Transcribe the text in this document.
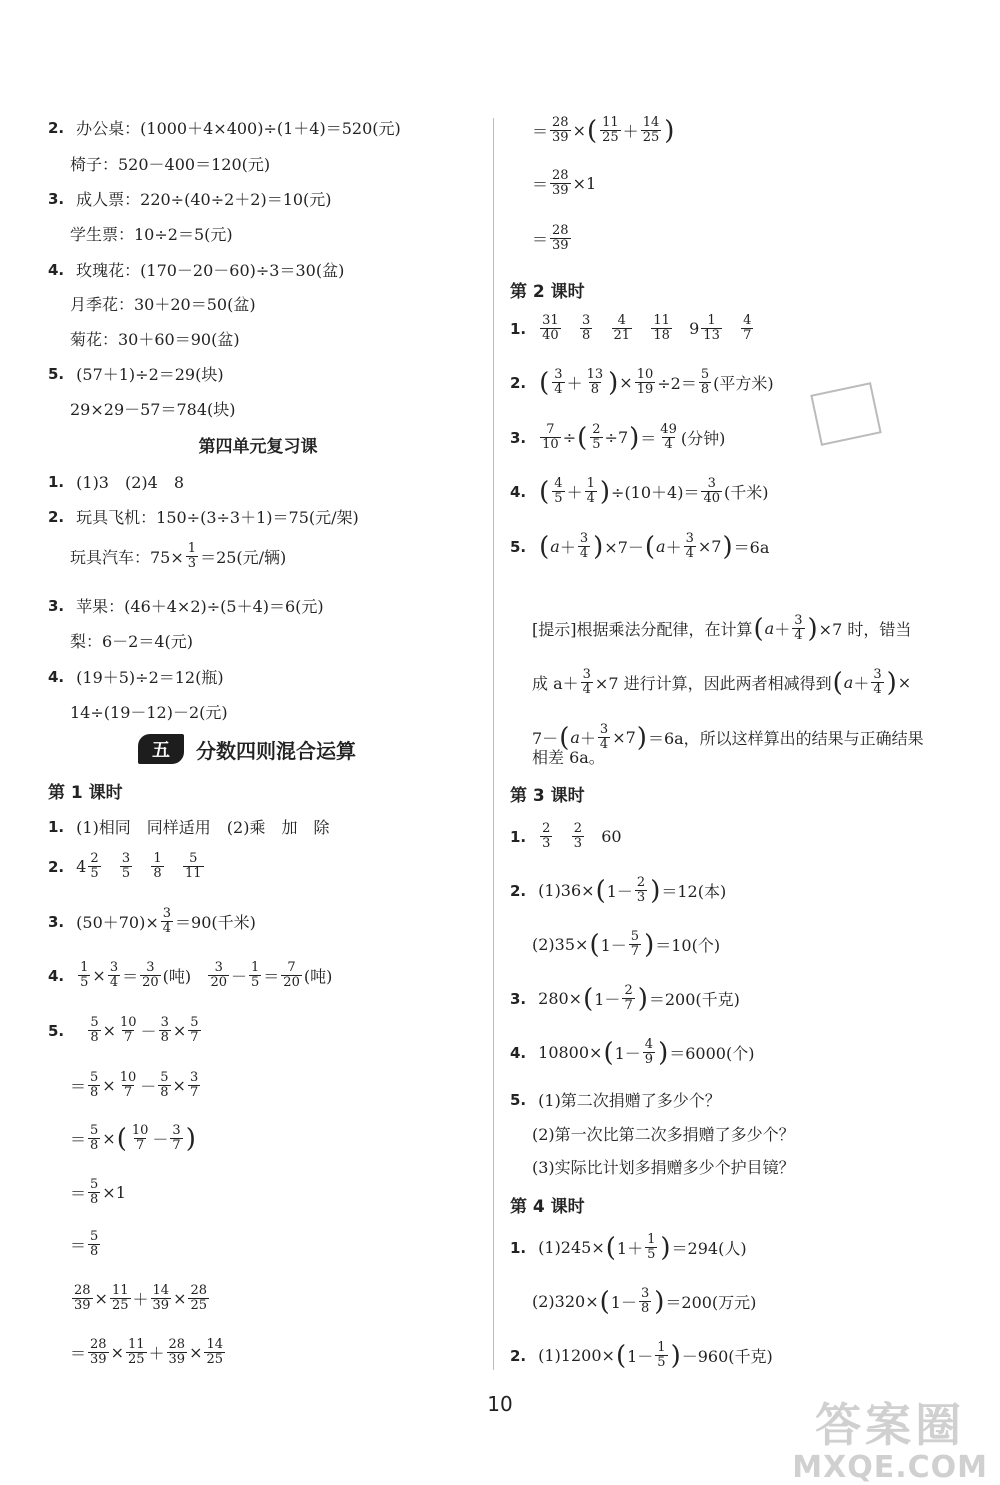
2. 办公桌：(1000＋4×400)÷(1＋4)＝520(元)
椅子：520－400＝120(元)
3. 成人票：220÷(40÷2＋2)＝10(元)
学生票：10÷2＝5(元)
4. 玫瑰花：(170－20－60)÷3＝30(盆)
月季花：30＋20＝50(盆)
菊花：30＋60＝90(盆)
5. (57＋1)÷2＝29(块)
29×29－57＝784(块)
第四单元复习课
1. (1)3　(2)4　8
2. 玩具飞机：150÷(3÷3＋1)＝75(元/架)
玩具汽车：$75\times \frac{1}{3} =25$(元/辆)
3. 苹果：(46＋4×2)÷(5＋4)＝6(元)
梨：6－2＝4(元)
4. (19＋5)÷2＝12(瓶)
14÷(19－12)－2(元)
五	分数四则混合运算
第 1 课时
1. (1)相同　同样适用　(2)乘　加　除
2. 4 2
5

3
5

1
8

5
11
3. $(50+70)\times \frac{3}{4} =90$(千米)
4. 1
5 × 3
4 ＝ 3
20 (吨)
3
20 － 1
5 ＝ 7
20 (吨)
5.
5
8 × 10
7 － 3
8 × 5
7
＝ 5
8 × 10
7 － 5
8 × 3
7
＝ 5
8 × ( 10
7 － 3
7 )
＝ 5
8 ×1
＝ 5
8
28
39 × 11
25 ＋ 14
39 × 28
25
＝ 28
39 × 11
25 ＋ 28
39 × 14
25
＝ 28
39 × ( 11
25 ＋ 14
25 )
＝ 28
39 ×1
＝ 28
39
第 2 课时
1. 31
40

3
8

4
21

11
18 9 1
13

4
7
2. ( 3
4 ＋ 13
8 ) × 10
19 ÷2＝ 5
8 (平方米)
3. 7
10 ÷ ( 2
5 ÷7 ) ＝ 49
4 (分钟)
4. ( 4
5 ＋ 1
4 ) ÷(10＋4)＝ 3
40 (千米)
5. ( a ＋ 3
4 ) ×7－ ( a ＋ 3
4 ×7 ) ＝6a
[提示]根据乘法分配律，在计算 ( a ＋ 3
4 ) ×7 时，错当
成 $a+ \frac{3}{4} \times 7$ 进行计算，因此两者相减得到 ( a ＋ 3
4 ) ×
7－ ( a ＋ 3
4 ×7 ) ＝6a，所以这样算出的结果与正确结果
相差 6a。
第 3 课时
1. 2
3

2
3
60
2. (1)36× ( 1－ 2
3 ) ＝12(本)
(2)35× ( 1－ 5
7 ) ＝10(个)
3. 280× ( 1－ 2
7 ) ＝200(千克)
4. 10800× ( 1－ 4
9 ) ＝6000(个)
5. (1)第二次捐赠了多少个？
(2)第一次比第二次多捐赠了多少个？
(3)实际比计划多捐赠多少个护目镜？
第 4 课时
1. (1)245× ( 1＋ 1
5 ) ＝294(人)
(2)320× ( 1－ 3
8 ) ＝200(万元)
2. (1)1200× ( 1－ 1
5 ) －960(千克)
10	答案圈
MXQE.COM
